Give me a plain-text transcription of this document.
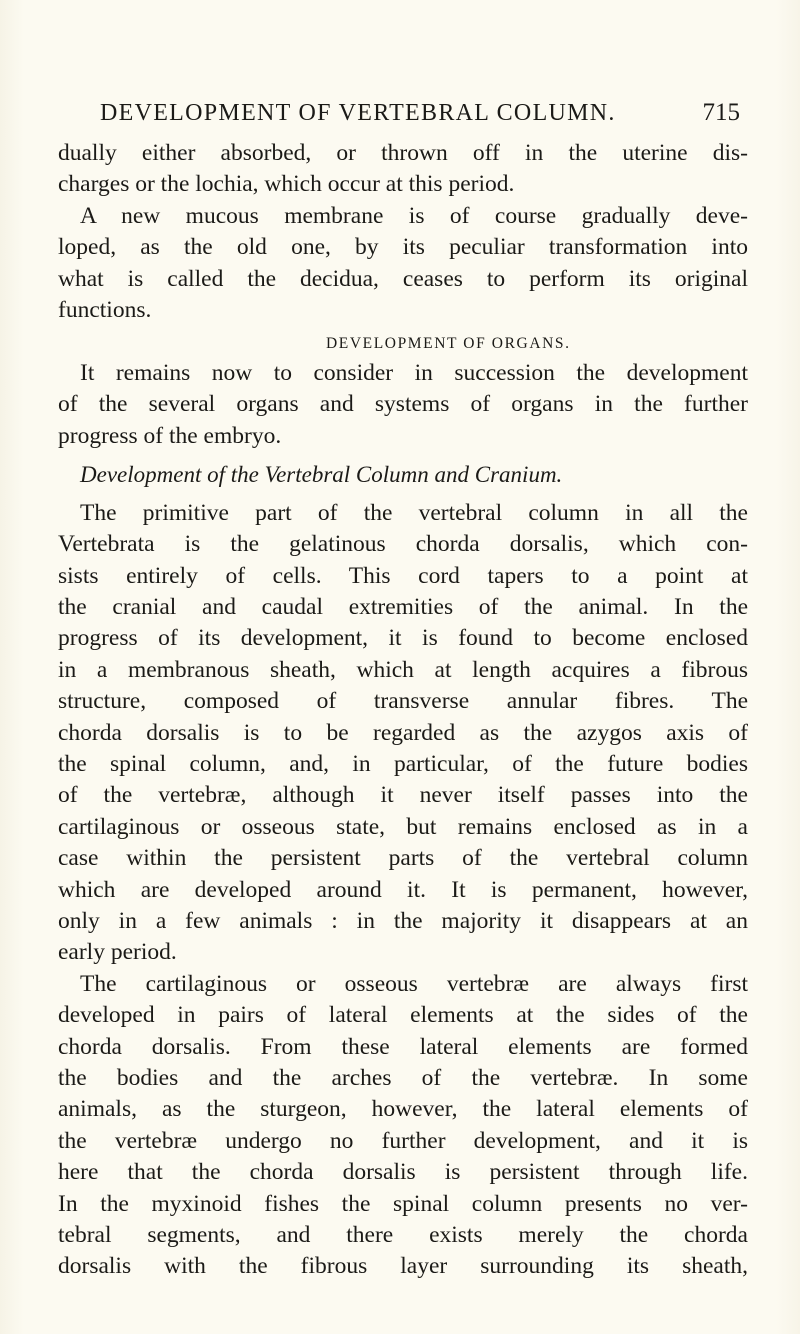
DEVELOPMENT OF VERTEBRAL COLUMN.	715
dually either absorbed, or thrown off in the uterine dis-
charges or the lochia, which occur at this period.
A new mucous membrane is of course gradually deve-
loped, as the old one, by its peculiar transformation into
what is called the decidua, ceases to perform its original
functions.
DEVELOPMENT OF ORGANS.
It remains now to consider in succession the development
of the several organs and systems of organs in the further
progress of the embryo.
Development of the Vertebral Column and Cranium.
The primitive part of the vertebral column in all the
Vertebrata is the gelatinous chorda dorsalis, which con-
sists entirely of cells. This cord tapers to a point at
the cranial and caudal extremities of the animal. In the
progress of its development, it is found to become enclosed
in a membranous sheath, which at length acquires a fibrous
structure, composed of transverse annular fibres. The
chorda dorsalis is to be regarded as the azygos axis of
the spinal column, and, in particular, of the future bodies
of the vertebræ, although it never itself passes into the
cartilaginous or osseous state, but remains enclosed as in a
case within the persistent parts of the vertebral column
which are developed around it. It is permanent, however,
only in a few animals : in the majority it disappears at an
early period.
The cartilaginous or osseous vertebræ are always first
developed in pairs of lateral elements at the sides of the
chorda dorsalis. From these lateral elements are formed
the bodies and the arches of the vertebræ. In some
animals, as the sturgeon, however, the lateral elements of
the vertebræ undergo no further development, and it is
here that the chorda dorsalis is persistent through life.
In the myxinoid fishes the spinal column presents no ver-
tebral segments, and there exists merely the chorda
dorsalis with the fibrous layer surrounding its sheath,
